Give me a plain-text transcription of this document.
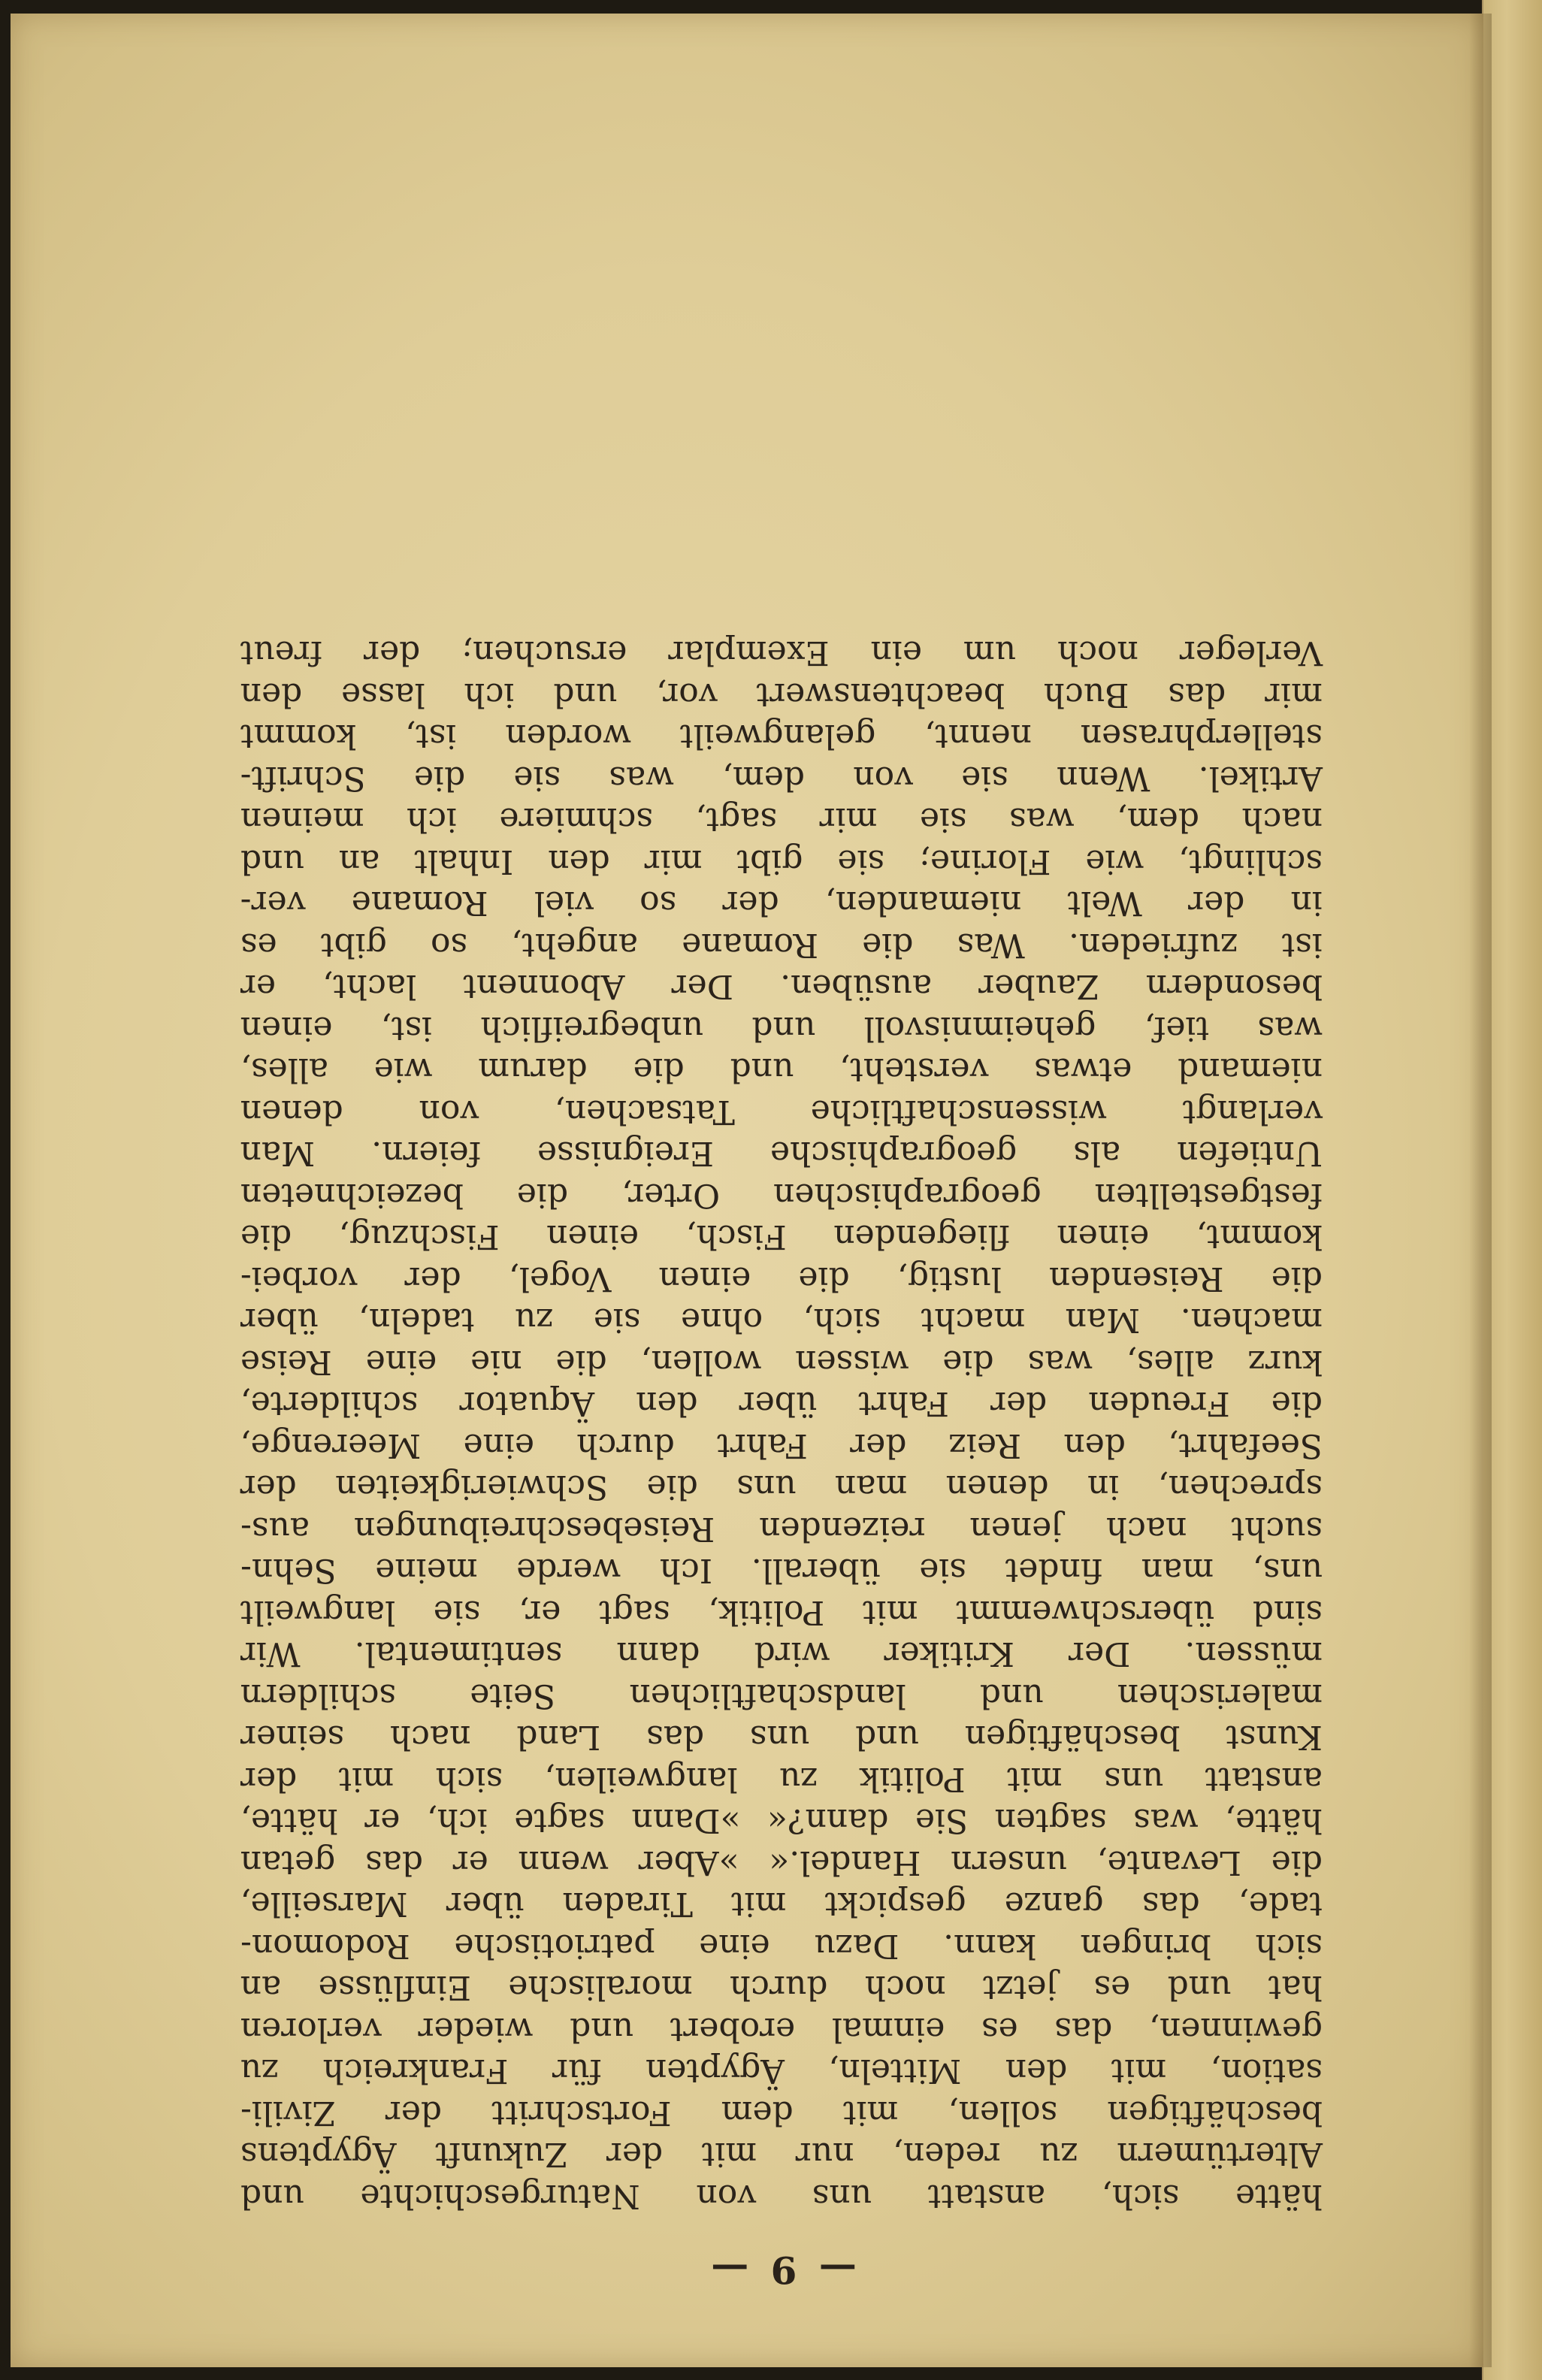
— 9 —
hätte sich, anstatt uns von Naturgeschichte und
Altertümern zu reden, nur mit der Zukunft Ägyptens
beschäftigen sollen, mit dem Fortschritt der Zivili-
sation, mit den Mitteln, Ägypten für Frankreich zu
gewinnen, das es einmal erobert und wieder verloren
hat und es jetzt noch durch moralische Einflüsse an
sich bringen kann. Dazu eine patriotische Rodomon-
tade, das ganze gespickt mit Tiraden über Marseille,
die Levante, unsern Handel.« »Aber wenn er das getan
hätte, was sagten Sie dann?« »Dann sagte ich, er hätte,
anstatt uns mit Politik zu langweilen, sich mit der
Kunst beschäftigen und uns das Land nach seiner
malerischen und landschaftlichen Seite schildern
müssen. Der Kritiker wird dann sentimental. Wir
sind überschwemmt mit Politik, sagt er, sie langweilt
uns, man findet sie überall. Ich werde meine Sehn-
sucht nach jenen reizenden Reisebeschreibungen aus-
sprechen, in denen man uns die Schwierigkeiten der
Seefahrt, den Reiz der Fahrt durch eine Meerenge,
die Freuden der Fahrt über den Äquator schilderte,
kurz alles, was die wissen wollen, die nie eine Reise
machen. Man macht sich, ohne sie zu tadeln, über
die Reisenden lustig, die einen Vogel, der vorbei-
kommt, einen fliegenden Fisch, einen Fischzug, die
festgestellten geographischen Orter, die bezeichneten
Untiefen als geographische Ereignisse feiern. Man
verlangt wissenschaftliche Tatsachen, von denen
niemand etwas versteht, und die darum wie alles,
was tief, geheimnisvoll und unbegreiflich ist, einen
besondern Zauber ausüben. Der Abonnent lacht, er
ist zufrieden. Was die Romane angeht, so gibt es
in der Welt niemanden, der so viel Romane ver-
schlingt, wie Florine; sie gibt mir den Inhalt an und
nach dem, was sie mir sagt, schmiere ich meinen
Artikel. Wenn sie von dem, was sie die Schrift-
stellerphrasen nennt, gelangweilt worden ist, kommt
mir das Buch beachtenswert vor, und ich lasse den
Verleger noch um ein Exemplar ersuchen; der freut
